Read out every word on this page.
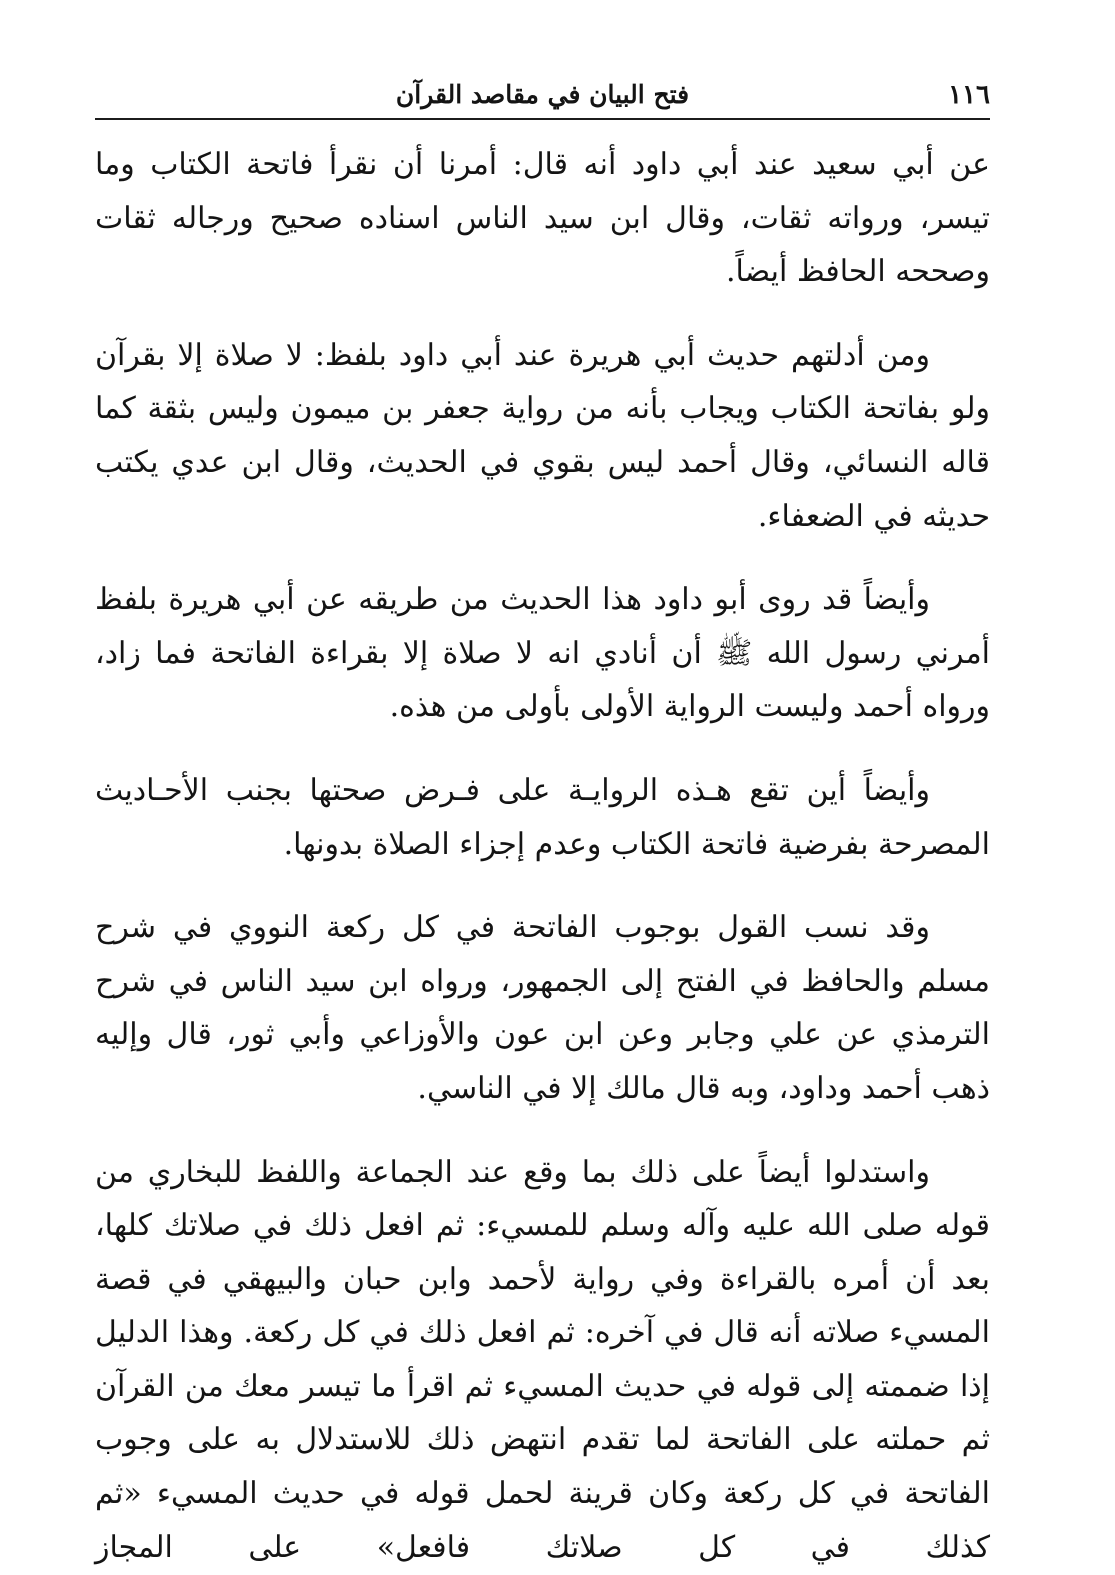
١١٦
فتح البيان في مقاصد القرآن

عن أبي سعيد عند أبي داود أنه قال: أمرنا أن نقرأ فاتحة الكتاب وما تيسر، ورواته ثقات، وقال ابن سيد الناس اسناده صحيح ورجاله ثقات وصححه الحافظ أيضاً.

ومن أدلتهم حديث أبي هريرة عند أبي داود بلفظ: لا صلاة إلا بقرآن ولو بفاتحة الكتاب ويجاب بأنه من رواية جعفر بن ميمون وليس بثقة كما قاله النسائي، وقال أحمد ليس بقوي في الحديث، وقال ابن عدي يكتب حديثه في الضعفاء.

وأيضاً قد روى أبو داود هذا الحديث من طريقه عن أبي هريرة بلفظ أمرني رسول الله ﷺ أن أنادي انه لا صلاة إلا بقراءة الفاتحة فما زاد، ورواه أحمد وليست الرواية الأولى بأولى من هذه.

وأيضاً أين تقع هـذه الروايـة على فـرض صحتها بجنب الأحـاديث المصرحة بفرضية فاتحة الكتاب وعدم إجزاء الصلاة بدونها.

وقد نسب القول بوجوب الفاتحة في كل ركعة النووي في شرح مسلم والحافظ في الفتح إلى الجمهور، ورواه ابن سيد الناس في شرح الترمذي عن علي وجابر وعن ابن عون والأوزاعي وأبي ثور، قال وإليه ذهب أحمد وداود، وبه قال مالك إلا في الناسي.

واستدلوا أيضاً على ذلك بما وقع عند الجماعة واللفظ للبخاري من قوله صلى الله عليه وآله وسلم للمسيء: ثم افعل ذلك في صلاتك كلها، بعد أن أمره بالقراءة وفي رواية لأحمد وابن حبان والبيهقي في قصة المسيء صلاته أنه قال في آخره: ثم افعل ذلك في كل ركعة. وهذا الدليل إذا ضممته إلى قوله في حديث المسيء ثم اقرأ ما تيسر معك من القرآن ثم حملته على الفاتحة لما تقدم انتهض ذلك للاستدلال به على وجوب الفاتحة في كل ركعة وكان قرينة لحمل قوله في حديث المسيء «ثم كذلك في كل صلاتك فافعل» على المجاز
